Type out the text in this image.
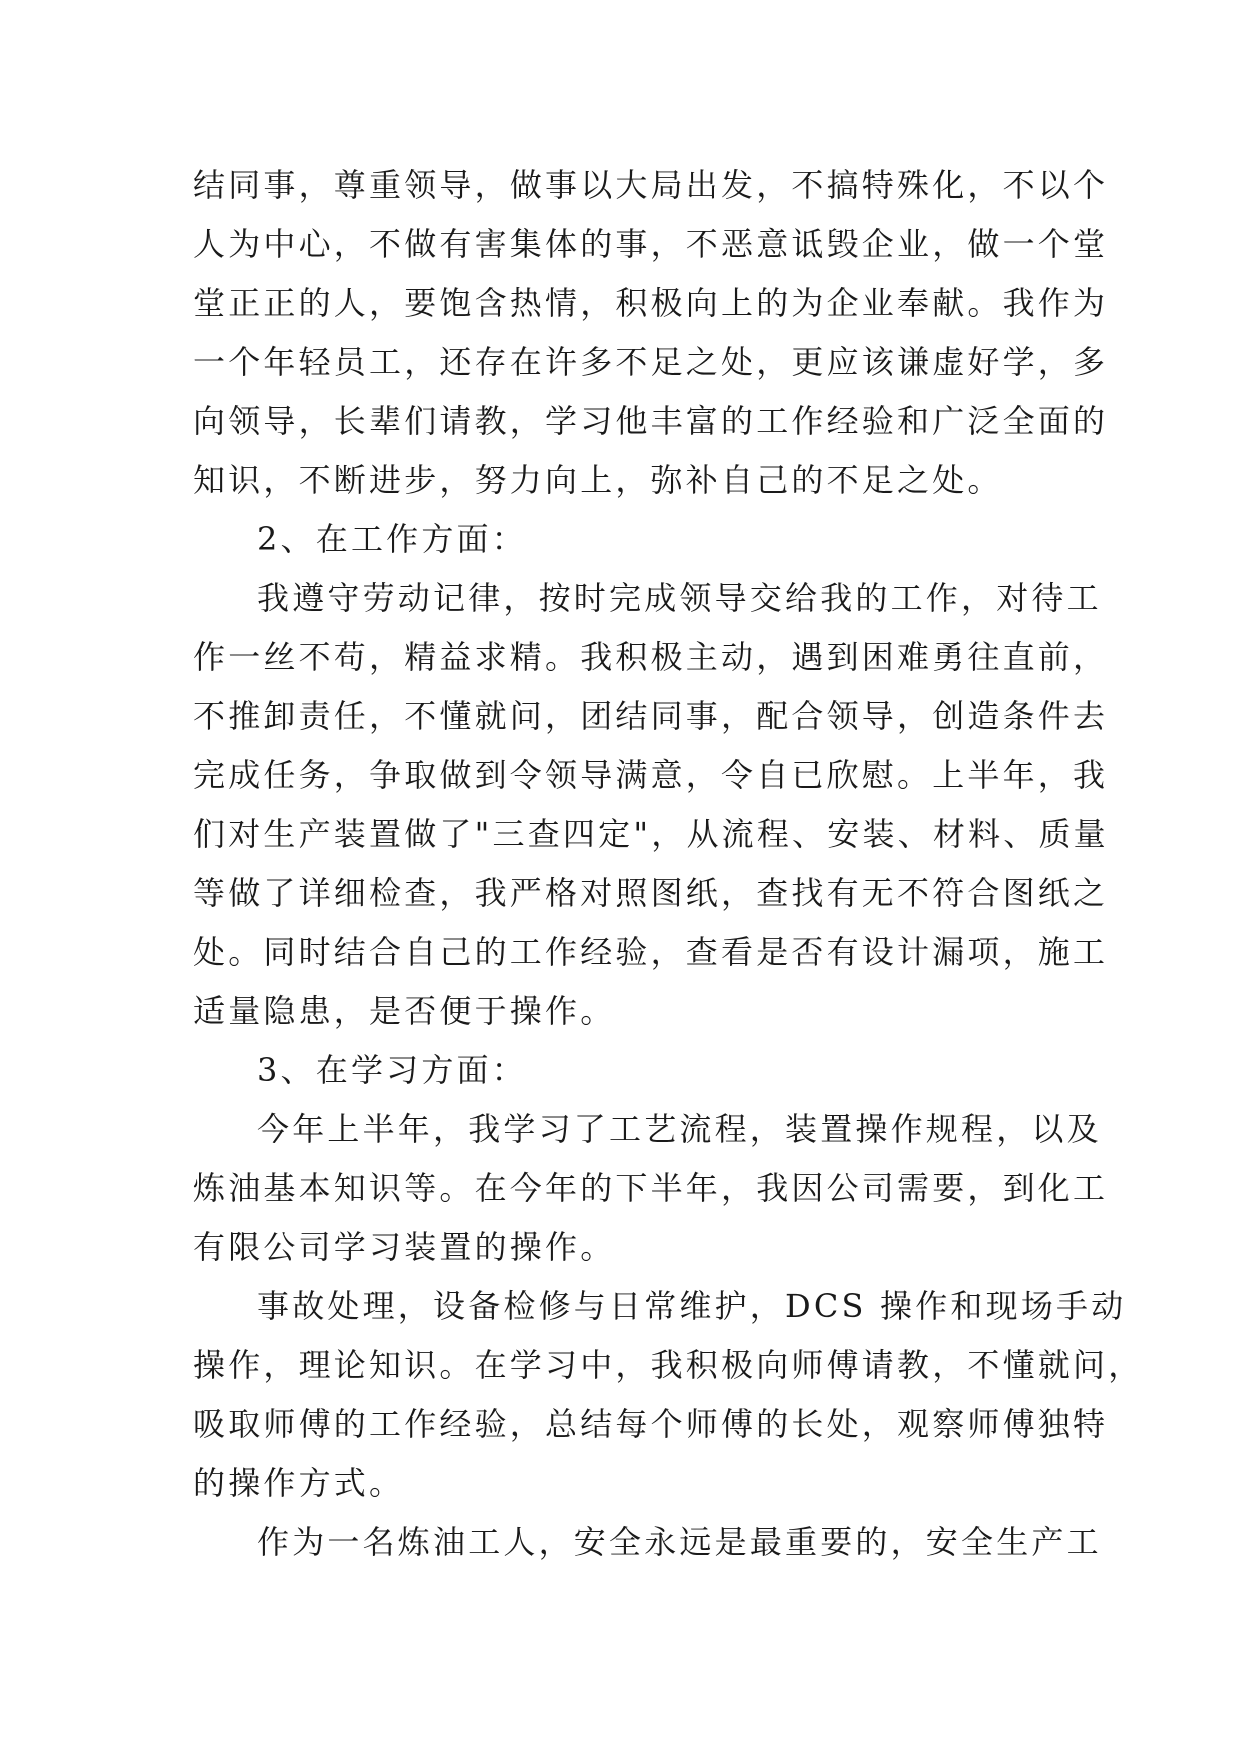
结同事，尊重领导，做事以大局出发，不搞特殊化，不以个
人为中心，不做有害集体的事，不恶意诋毁企业，做一个堂
堂正正的人，要饱含热情，积极向上的为企业奉献。我作为
一个年轻员工，还存在许多不足之处，更应该谦虚好学，多
向领导，长辈们请教，学习他丰富的工作经验和广泛全面的
知识，不断进步，努力向上，弥补自己的不足之处。
2、在工作方面：
我遵守劳动记律，按时完成领导交给我的工作，对待工
作一丝不苟，精益求精。我积极主动，遇到困难勇往直前，
不推卸责任，不懂就问，团结同事，配合领导，创造条件去
完成任务，争取做到令领导满意，令自已欣慰。上半年，我
们对生产装置做了"三查四定"，从流程、安装、材料、质量
等做了详细检查，我严格对照图纸，查找有无不符合图纸之
处。同时结合自己的工作经验，查看是否有设计漏项，施工
适量隐患，是否便于操作。
3、在学习方面：
今年上半年，我学习了工艺流程，装置操作规程，以及
炼油基本知识等。在今年的下半年，我因公司需要，到化工
有限公司学习装置的操作。
事故处理，设备检修与日常维护，DCS 操作和现场手动
操作，理论知识。在学习中，我积极向师傅请教，不懂就问，
吸取师傅的工作经验，总结每个师傅的长处，观察师傅独特
的操作方式。
作为一名炼油工人，安全永远是最重要的，安全生产工
